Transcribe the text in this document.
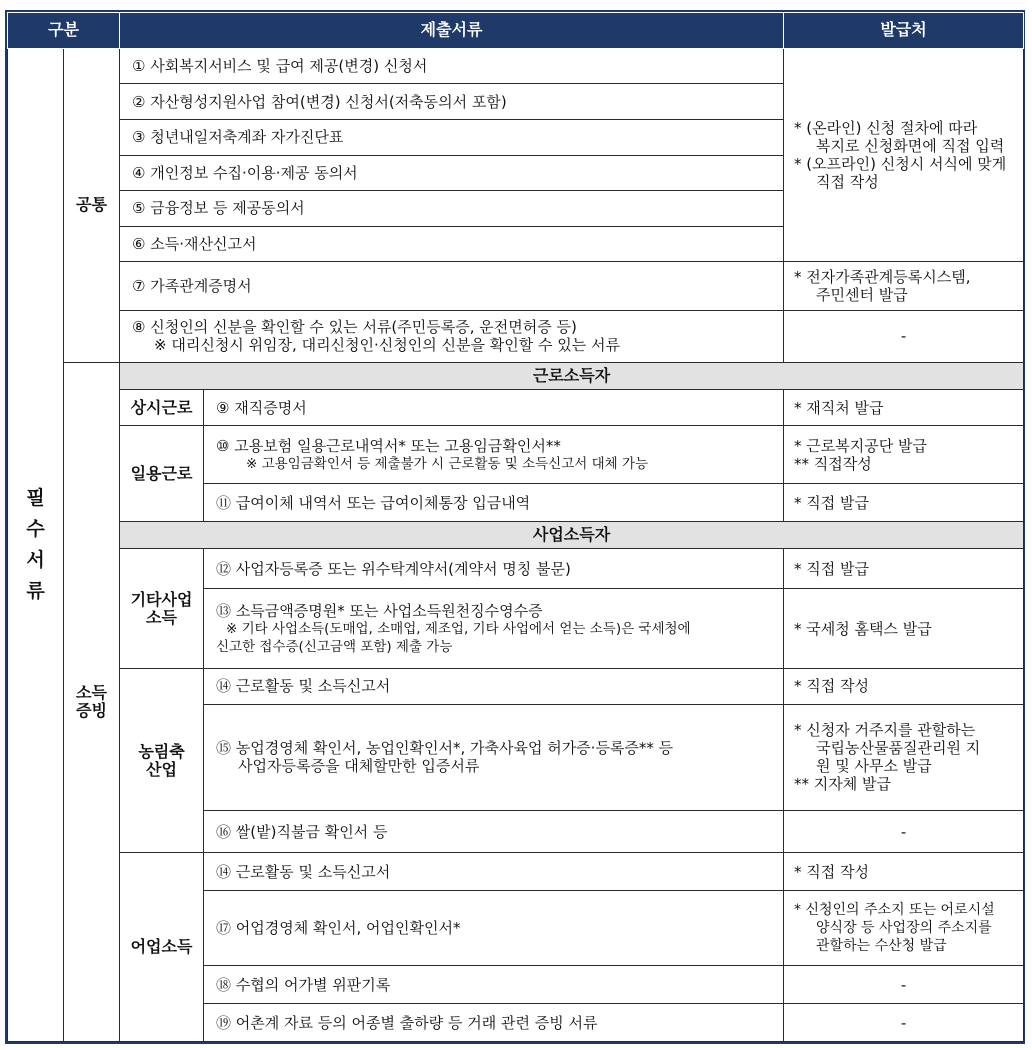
구분		제출서류		발급처
필수서류	공통	① 사회복지서비스 및 급여 제공(변경) 신청서		* (온라인) 신청 절차에 따라
복지로 신청화면에 직접 입력
* (오프라인) 신청시 서식에 맞게
직접 작성

		② 자산형성지원사업 참여(변경) 신청서(저축동의서 포함)		
		③ 청년내일저축계좌 자가진단표		
		④ 개인정보 수집·이용·제공 동의서		
		⑤ 금융정보 등 제공동의서		
		⑥ 소득·재산신고서		
		⑦ 가족관계증명서		* 전자가족관계등록시스템,
주민센터 발급

		⑧ 신청인의 신분을 확인할 수 있는 서류(주민등록증, 운전면허증 등)
※ 대리신청시 위임장, 대리신청인·신청인의 신분을 확인할 수 있는 서류		-
	소득증빙	근로소득자		
		상시근로	⑨ 재직증명서	* 재직처 발급
		일용근로	⑩ 고용보험 일용근로내역서* 또는 고용임금확인서**
※ 고용임금확인서 등 제출불가 시 근로활동 및 소득신고서 대체 가능	* 근로복지공단 발급
** 직접작성

			⑪ 급여이체 내역서 또는 급여이체통장 입금내역	* 직접 발급
		사업소득자		
		기타사업소득	⑫ 사업자등록증 또는 위수탁계약서(계약서 명칭 불문)	* 직접 발급

			⑬ 소득금액증명원* 또는 사업소득원천징수영수증
※ 기타 사업소득(도매업, 소매업, 제조업, 기타 사업에서 얻는 소득)은 국세청에
신고한 접수증(신고금액 포함) 제출 가능	* 국세청 홈택스 발급
		농림축산업	⑭ 근로활동 및 소득신고서	* 직접 작성

			⑮ 농업경영체 확인서, 농업인확인서*, 가축사육업 허가증·등록증** 등
사업자등록증을 대체할만한 입증서류	* 신청자 거주지를 관할하는
국립농산물품질관리원 지
원 및 사무소 발급
** 지자체 발급

			⑯ 쌀(밭)직불금 확인서 등	-
		어업소득	⑭ 근로활동 및 소득신고서	* 직접 작성
			⑰ 어업경영체 확인서, 어업인확인서*	* 신청인의 주소지 또는 어로시설
양식장 등 사업장의 주소지를
관할하는 수산청 발급

			⑱ 수협의 어가별 위판기록	-
			⑲ 어촌계 자료 등의 어종별 출하량 등 거래 관련 증빙 서류	-
